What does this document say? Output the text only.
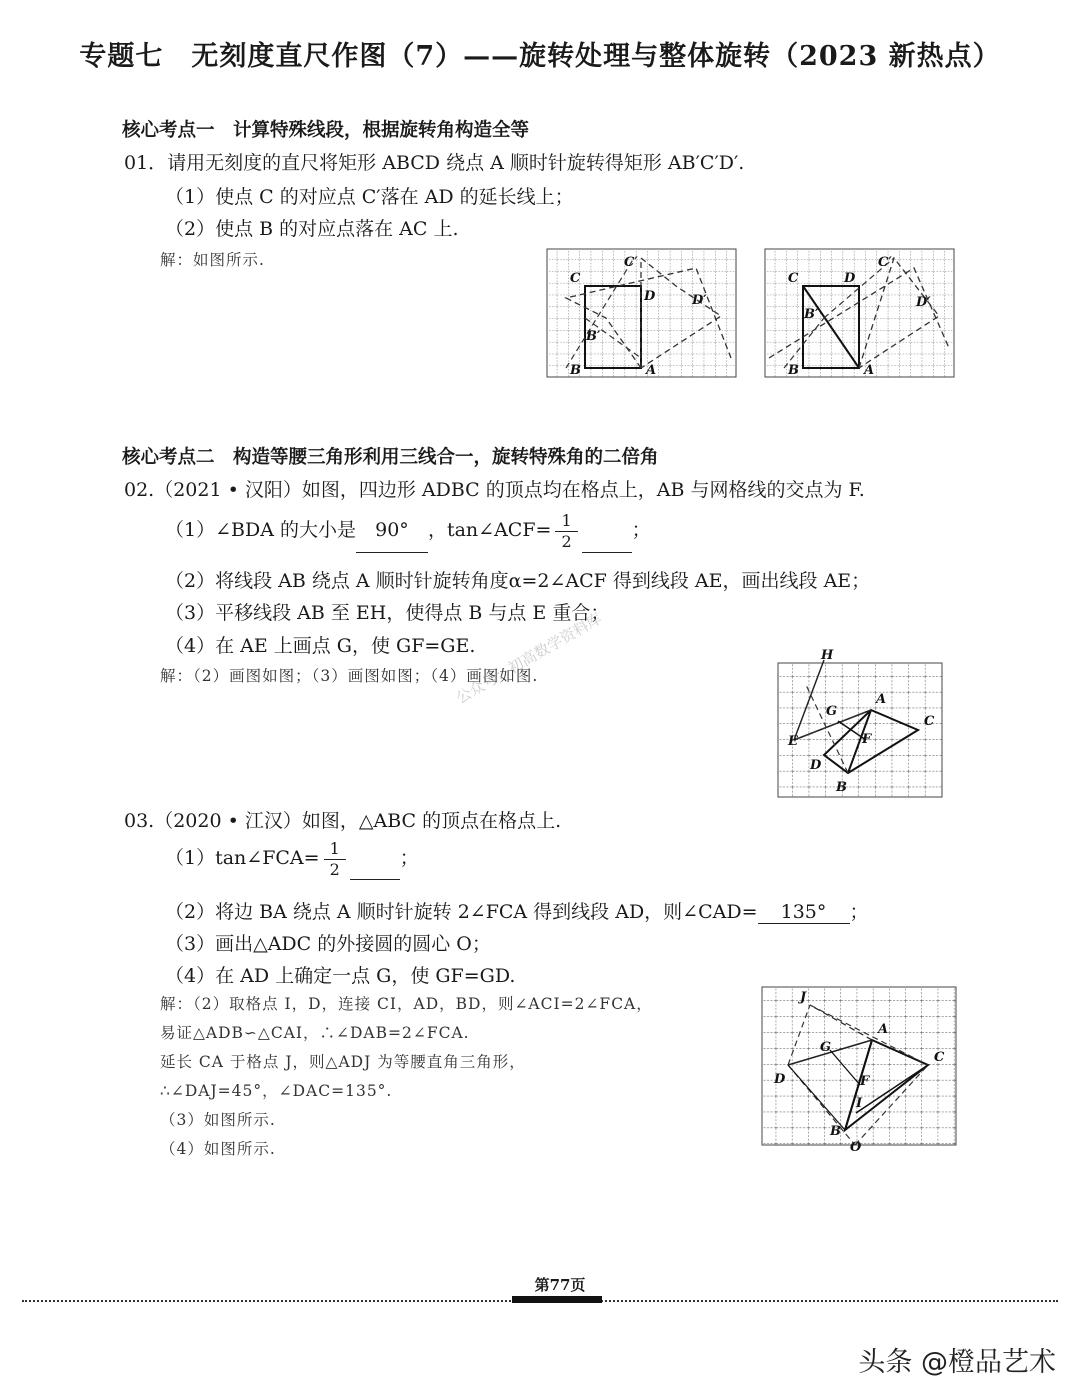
专题七　无刻度直尺作图（7）——旋转处理与整体旋转（2023 新热点）
核心考点一　计算特殊线段，根据旋转角构造全等
01．请用无刻度的直尺将矩形 ABCD 绕点 A 顺时针旋转得矩形 AB′C′D′.
（1）使点 C 的对应点 C′落在 AD 的延长线上；
（2）使点 B 的对应点落在 AC 上.
解：如图所示.
C
C′
D	D′
B′
B	A
C	D
C′
B′
D′
B	A
核心考点二　构造等腰三角形利用三线合一，旋转特殊角的二倍角
02.（2021 • 汉阳）如图，四边形 ADBC 的顶点均在格点上，AB 与网格线的交点为 F.
（1）∠BDA 的大小是 90° ，tan∠ACF= $\frac{1}{2}$	；
（2）将线段 AB 绕点 A 顺时针旋转角度α=2∠ACF 得到线段 AE，画出线段 AE；
（3）平移线段 AB 至 EH，使得点 B 与点 E 重合；
（4）在 AE 上画点 G，使 GF=GE.
解：（2）画图如图；（3）画图如图；（4）画图如图.
公众号：初高数学资料库	H
A
G
C
E	F
D
B
03.（2020 • 江汉）如图，△ABC 的顶点在格点上.
（1）tan∠FCA= $\frac{1}{2}$	；
（2）将边 BA 绕点 A 顺时针旋转 2∠FCA 得到线段 AD，则∠CAD= 135° ；
（3）画出△ADC 的外接圆的圆心 O；
（4）在 AD 上确定一点 G，使 GF=GD.
解：（2）取格点 I，D，连接 CI，AD，BD，则∠ACI=2∠FCA，
易证△ADB∽△CAI，∴∠DAB=2∠FCA.
延长 CA 于格点 J，则△ADJ 为等腰直角三角形，
∴∠DAJ=45°，∠DAC=135°.
（3）如图所示.
（4）如图所示.
J
A
G
C
D	F
I
B
O
第77页
头条 @橙品艺术
